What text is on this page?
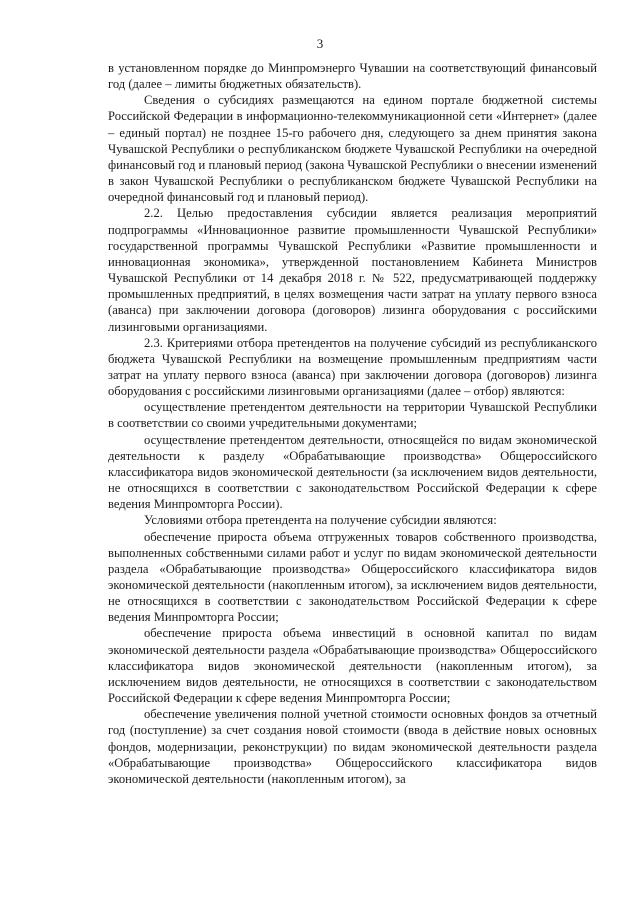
3

в установленном порядке до Минпромэнерго Чувашии на соответствующий финансовый год (далее – лимиты бюджетных обязательств).

Сведения о субсидиях размещаются на едином портале бюджетной системы Российской Федерации в информационно-телекоммуникационной сети «Интернет» (далее – единый портал) не позднее 15-го рабочего дня, следующего за днем принятия закона Чувашской Республики о республиканском бюджете Чувашской Республики на очередной финансовый год и плановый период (закона Чувашской Республики о внесении изменений в закон Чувашской Республики о республиканском бюджете Чувашской Республики на очередной финансовый год и плановый период).

2.2. Целью предоставления субсидии является реализация мероприятий подпрограммы «Инновационное развитие промышленности Чувашской Республики» государственной программы Чувашской Республики «Развитие промышленности и инновационная экономика», утвержденной постановлением Кабинета Министров Чувашской Республики от 14 декабря 2018 г. № 522, предусматривающей поддержку промышленных предприятий, в целях возмещения части затрат на уплату первого взноса (аванса) при заключении договора (договоров) лизинга оборудования с российскими лизинговыми организациями.

2.3. Критериями отбора претендентов на получение субсидий из республиканского бюджета Чувашской Республики на возмещение промышленным предприятиям части затрат на уплату первого взноса (аванса) при заключении договора (договоров) лизинга оборудования с российскими лизинговыми организациями (далее – отбор) являются:

осуществление претендентом деятельности на территории Чувашской Республики в соответствии со своими учредительными документами;

осуществление претендентом деятельности, относящейся по видам экономической деятельности к разделу «Обрабатывающие производства» Общероссийского классификатора видов экономической деятельности (за исключением видов деятельности, не относящихся в соответствии с законодательством Российской Федерации к сфере ведения Минпромторга России).

Условиями отбора претендента на получение субсидии являются:

обеспечение прироста объема отгруженных товаров собственного производства, выполненных собственными силами работ и услуг по видам экономической деятельности раздела «Обрабатывающие производства» Общероссийского классификатора видов экономической деятельности (накопленным итогом), за исключением видов деятельности, не относящихся в соответствии с законодательством Российской Федерации к сфере ведения Минпромторга России;

обеспечение прироста объема инвестиций в основной капитал по видам экономической деятельности раздела «Обрабатывающие производства» Общероссийского классификатора видов экономической деятельности (накопленным итогом), за исключением видов деятельности, не относящихся в соответствии с законодательством Российской Федерации к сфере ведения Минпромторга России;

обеспечение увеличения полной учетной стоимости основных фондов за отчетный год (поступление) за счет создания новой стоимости (ввода в действие новых основных фондов, модернизации, реконструкции) по видам экономической деятельности раздела «Обрабатывающие производства» Общероссийского классификатора видов экономической деятельности (накопленным итогом), за
